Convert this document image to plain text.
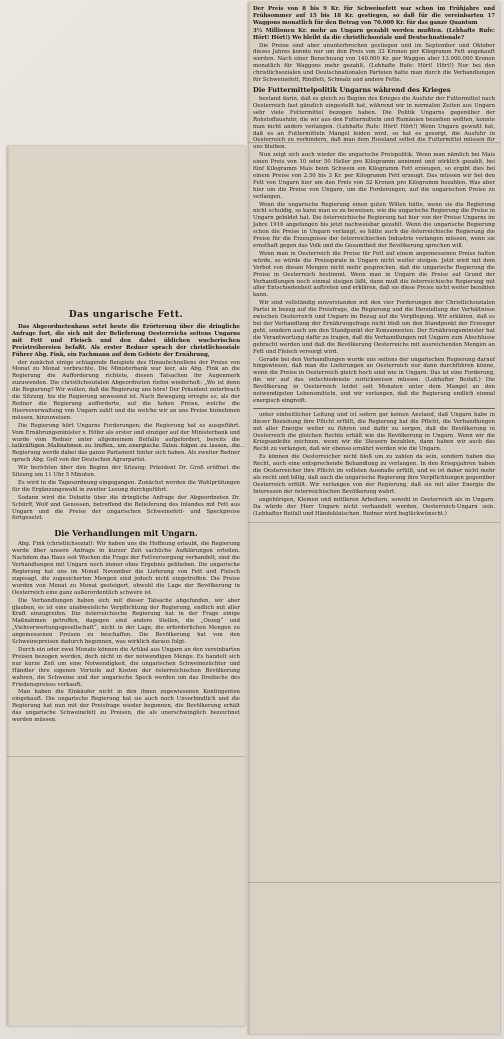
Das ungarische Fett.

Das Abgeordnetenhaus setzt heute die Erörterung über die dringliche Anfrage fort, die sich mit der Belieferung Oesterreichs seitens Ungarns mit Fett und Fleisch und den dabei üblichen wucherischen Preistreibereien befaßt. Als erster Redner sprach der christlichsoziale Führer Abg. Fink, ein Fachmann auf dem Gebiete der Ernährung,

der zunächst einige schlagende Beispiele des Hinaufschnellens der Preise von Monat zu Monat vorbrachte. Die Ministerbank war leer, als Abg. Fink an die Regierung die Aufforderung richtete, diesen Tatsachen ihr Augenmerk zuzuwenden. Die christlichsozialen Abgeordneten riefen wiederholt: „Wo ist denn die Regierung? Wir wollen, daß die Regierung uns höre! Der Präsident unterbrach die Sitzung, bis die Regierung anwesend ist. Nach Bewegung erregte es, als der Redner die Regierung aufforderte, auf die hohen Preise, welche die Heeresverwaltung von Ungarn zahlt und die welche wir an uns Preise hinnehmen müssen, hinzuweisen.

Die Regierung hört Ungarns Forderungen; die Regierung hat es ausgeführt. Vom Ernährungsminister v. Höfer als erster und einziger auf der Ministerbank und wurde vom Redner unter allgemeinem Beifalle aufgefordert, bereits die tatkräftigen Maßnahmen zu treffen, um energische Taten folgen zu lassen, die Regierung werde dabei das ganze Parlament hinter sich haben. Als zweiter Redner sprach Abg. Goll von der Deutschen Agrarpartei.

Wir berichten über den Beginn der Sitzung: Präsident Dr. Groß eröffnet die Sitzung um 11 Uhr 5 Minuten.

Es wird in die Tagesordnung eingegangen. Zunächst werden die Wahlprüfungen für die Ergänzungswahl in zweiter Lesung durchgeführt.

Sodann wird die Debatte über die dringliche Anfrage der Abgeordneten Dr. Schürff, Wolf und Genossen, betreffend die Belieferung des Inlandes mit Fett aus Ungarn und die Preise der ungarischen Schweinefett- und Speckpreise fortgesetzt.

Die Verhandlungen mit Ungarn.

Abg. Fink (christlichsozial): Wir haben uns die Hoffnung erlaubt, die Regierung werde über unsere Anfrage in kurzer Zeit sachliche Aufklärungen erteilen. Nachdem das Haus seit Wochen die Frage der Fettversorgung verhandelt, sind die Verhandlungen mit Ungarn noch immer ohne Ergebnis geblieben. Die ungarische Regierung hat uns im Monat November die Lieferung von Fett und Fleisch zugesagt, die zugesicherten Mengen sind jedoch nicht eingetroffen. Die Preise wurden von Monat zu Monat gesteigert, obwohl die Lage der Bevölkerung in Oesterreich eine ganz außerordentlich schwere ist.

Die Verhandlungen haben sich mit dieser Tatsache abgefunden, wir aber glauben, es ist eine unabweisliche Verpflichtung der Regierung, endlich mit aller Kraft einzugreifen. Die österreichische Regierung hat in der Frage einige Maßnahmen getroffen, dagegen sind andere Stellen, die „Oezeg“ und „Viehverwertungsgesellschaft“, nicht in der Lage, die erforderlichen Mengen zu angemessenen Preisen zu beschaffen. Die Bevölkerung hat von den Schweinepreisen dadurch begonnen, was wirklich daraus folgt.

Durch ein oder zwei Monate können die Artikel aus Ungarn an den vereinbarten Preisen bezogen werden, doch nicht in der notwendigen Menge. Es handelt sich nur kurze Zeit um eine Notwendigkeit, die ungarischen Schweinezüchter und Händler ihre eigenen Vorteile auf Kosten der österreichischen Bevölkerung wahren, die Schweine und der ungarische Speck werden um das Dreifache des Friedenspreises verkauft.

Man haben die Einkäufer nicht in den ihnen zugewiesenen Kontingenten eingekauft. Die ungarische Regierung hat sie auch noch Unverbindlich und die Regierung hat nun mit der Preisfrage wieder begonnen, die Bevölkerung erhält das ungarische Schweinefett zu Preisen, die als unerschwinglich bezeichnet werden müssen.

Der Preis von 8 bis 9 Kr. für Schweinefett war schon im Frühjahre und Frühsommer auf 15 bis 18 Kr. gestiegen, so daß für die vereinbarten 17 Waggons monatlich für den Betrag von 70.000 Kr. für das ganze Quantum

3½ Millionen Kr. mehr an Ungarn gezahlt werden mußten. (Lebhafte Rufe: Hört! Hört!) Wo bleibt da die christlichsoziale und Deutschnationale?

Die Preise sind aber ununterbrochen gestiegen und im September und Oktober dieses Jahres konnte nur um den Preis von 32 Kronen per Kilogramm Fett angekauft werden. Nach einer Berechnung von 140.000 Kr. per Waggon aber 13.000.000 Kronen monatlich für Waggons mehr gezahlt. (Lebhafte Rufe: Hört! Hört!) Nur bei den christlichsozialen und Deutschnationalen Parteien hatte man durch die Verhandlungen für Schweinefett, Rindfett, Schmalz und andere Fette.

Die Futtermittelpolitik Ungarns während des Krieges

bestand darin, daß es gleich zu Beginn des Krieges die Ausfuhr der Futtermittel nach Oesterreich fast gänzlich eingestellt hat, während wir in normalen Zeiten aus Ungarn sehr viele Futtermittel bezogen haben. Die Politik Ungarns gegenüber der Rohstoffausfuhr, die wir aus den Futtermitteln und Rumänien beziehen wollten, konnte man nicht anders verlangen. (Lebhafte Rufe: Hört! Hört!) Wenn Ungarn gewußt hat, daß es an Futtermitteln Mangel leiden wird, so hat es gesorgt, die Ausfuhr in Oesterreich zu verhindern, daß man dem Russland selbst die Futtermittel müssen für uns bleiben.

Nun zeigt sich auch wieder die ungarische Preispolitik. Wenn man nämlich bei Mais einen Preis von 10 oder 50 Heller pro Kilogramm annimmt und wirklich gezahlt, bei fünf Kilogramm Mais beim Schwein ein Kilogramm Fett erzeugen, so ergibt dies bei einem Preise von 2.50 bis 3 Kr. per Kilogramm Fett erzeugt. Das müssen wir bei den Fett von Ungarn hier um den Preis von 32 Kronen pro Kilogramm bezahlen. Was aber hier um die Preise von Ungarn, um die Forderungen, auf die ungarischen Preise zu verlangen.

Wenn die ungarische Regierung einen guten Willen hätte, wenn sie die Regierung nicht schuldig, so kann man es zu beweisen, wie die ungarische Regierung die Preise in Ungarn gebildet hat. Die österreichische Regierung hat hier von der Preise Ungarns im Jahre 1916 angefangen bis jetzt nachweisbar gezahlt. Wenn die ungarische Regierung schon die Preise in Ungarn verlangt, so hätte auch die österreichische Regierung die Preise für die Erzeugnisse der österreichischen Industrie verlangen müssen, wenn sie ernsthaft gegen das Volk und die Gesamtheit der Bevölkerung sprechen will.

Wenn man in Oesterreich die Preise für Fett auf einem angemessenen Preise halten würde, so würde die Preisspirale in Ungarn nicht weiter steigen. Jetzt wird mit dem Verbot von diesen Mengen nicht mehr gesprochen, daß die ungarische Regierung die Preise in Oesterreich bestimmt. Wenn man in Ungarn die Preise auf Grund der Verhandlungen noch einmal steigen läßt, dann muß die österreichische Regierung mit aller Entschiedenheit auftreten und erklären, daß sie diese Preise nicht weiter bezahlen kann.

Wir sind vollständig einverstanden mit den vier Forderungen der Christlichsozialen Partei in bezug auf die Preisfrage, die Regierung und die Herstellung der Verhältnisse zwischen Oesterreich und Ungarn im Bezug auf die Verpflegung. Wir erklären, daß es bei der Verhandlung der Ernährungsfrage nicht bloß um den Standpunkt der Erzeuger geht, sondern auch um den Standpunkt der Konsumenten. Der Ernährungsminister hat die Verantwortung dafür zu tragen, daß die Verhandlungen mit Ungarn zum Abschlusse gebracht werden und daß die Bevölkerung Oesterreichs mit ausreichenden Mengen an Fett und Fleisch versorgt wird.

Gerade bei den Verhandlungen wurde uns seitens der ungarischen Regierung darauf hingewiesen, daß man die Lieferungen an Oesterreich nur dann durchführen könne, wenn die Preise in Oesterreich gleich hoch sind wie in Ungarn. Das ist eine Forderung, die wir auf das entschiedenste zurückweisen müssen. (Lebhafter Beifall.) Die Bevölkerung in Oesterreich leidet seit Monaten unter dem Mangel an den notwendigsten Lebensmitteln, und wir verlangen, daß die Regierung endlich einmal energisch eingreift.

unter einheitlicher Leitung und ist sofern gar keinen Anstand, daß Ungarn habe in dieser Beziehung ihre Pflicht erfüllt, die Regierung hat die Pflicht, die Verhandlungen mit aller Energie weiter zu führen und dafür zu sorgen, daß die Bevölkerung in Oesterreich die gleichen Rechte erhält wie die Bevölkerung in Ungarn. Wenn wir die Kriegsanleihe zeichnen, wenn wir die Steuern bezahlen, dann haben wir auch das Recht zu verlangen, daß wir ebenso ernährt werden wie die Ungarn.

Es können die Oesterreicher nicht bloß um zu zahlen da sein, sondern haben das Recht, auch eine entsprechende Behandlung zu verlangen. In den Kriegsjahren haben die Oesterreicher ihre Pflicht im vollsten Ausmaße erfüllt, und es ist daher nicht mehr als recht und billig, daß auch die ungarische Regierung ihre Verpflichtungen gegenüber Oesterreich erfüllt. Wir verlangen von der Regierung, daß sie mit aller Energie die Interessen der österreichischen Bevölkerung wahrt.

angehörigen, Kleinen und mittleren Arbeitern, sowohl in Oesterreich als in Ungarn. Da würde der Herr Ungarn nicht verhandelt werden, Oesterreich-Ungarn sein. (Lebhafter Beifall und Händeklatschen. Redner wird beglückwünscht.)
